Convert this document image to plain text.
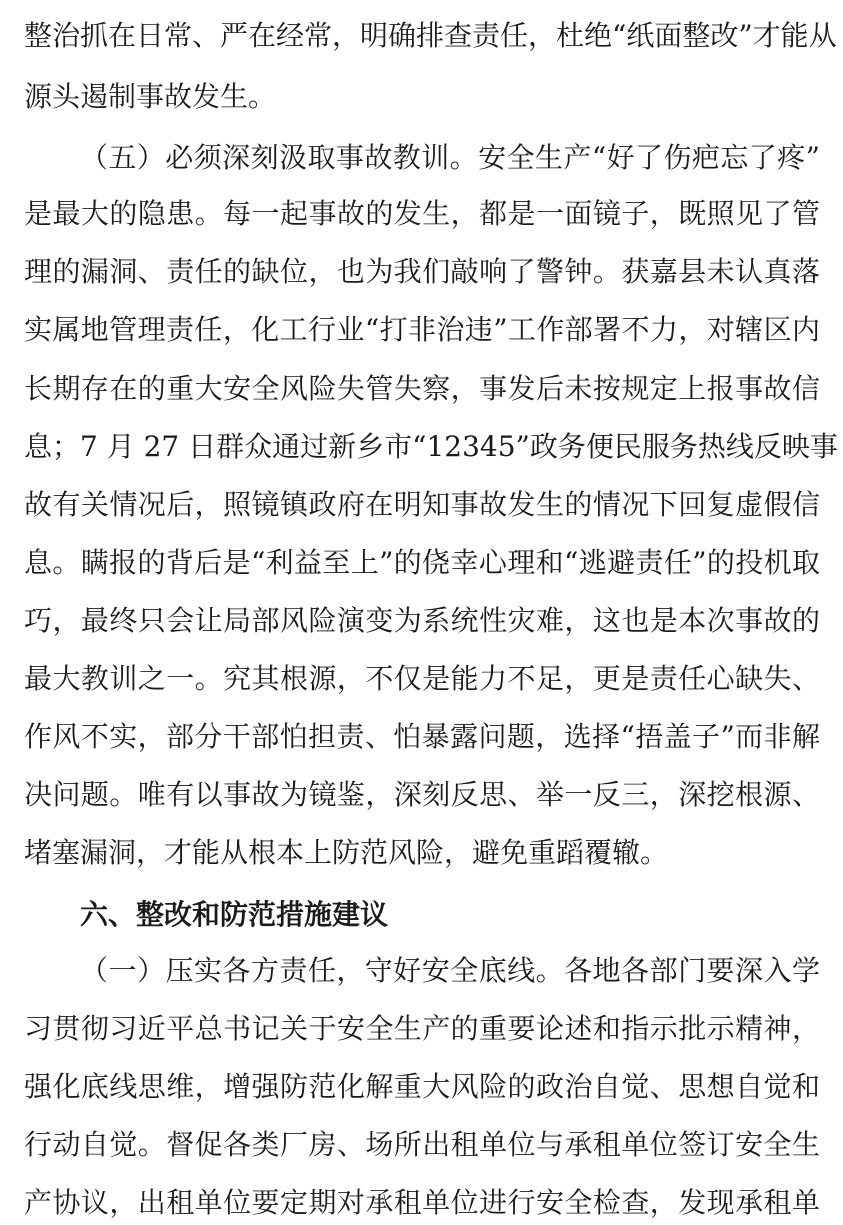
整治抓在日常、严在经常，明确排查责任，杜绝“纸面整改”才能从
源头遏制事故发生。
（五）必须深刻汲取事故教训。安全生产“好了伤疤忘了疼”
是最大的隐患。每一起事故的发生，都是一面镜子，既照见了管
理的漏洞、责任的缺位，也为我们敲响了警钟。获嘉县未认真落
实属地管理责任，化工行业“打非治违”工作部署不力，对辖区内
长期存在的重大安全风险失管失察，事发后未按规定上报事故信
息；7 月 27 日群众通过新乡市“12345”政务便民服务热线反映事
故有关情况后，照镜镇政府在明知事故发生的情况下回复虚假信
息。瞒报的背后是“利益至上”的侥幸心理和“逃避责任”的投机取
巧，最终只会让局部风险演变为系统性灾难，这也是本次事故的
最大教训之一。究其根源，不仅是能力不足，更是责任心缺失、
作风不实，部分干部怕担责、怕暴露问题，选择“捂盖子”而非解
决问题。唯有以事故为镜鉴，深刻反思、举一反三，深挖根源、
堵塞漏洞，才能从根本上防范风险，避免重蹈覆辙。
六、整改和防范措施建议
（一）压实各方责任，守好安全底线。各地各部门要深入学
习贯彻习近平总书记关于安全生产的重要论述和指示批示精神，
强化底线思维，增强防范化解重大风险的政治自觉、思想自觉和
行动自觉。督促各类厂房、场所出租单位与承租单位签订安全生
产协议，出租单位要定期对承租单位进行安全检查，发现承租单
